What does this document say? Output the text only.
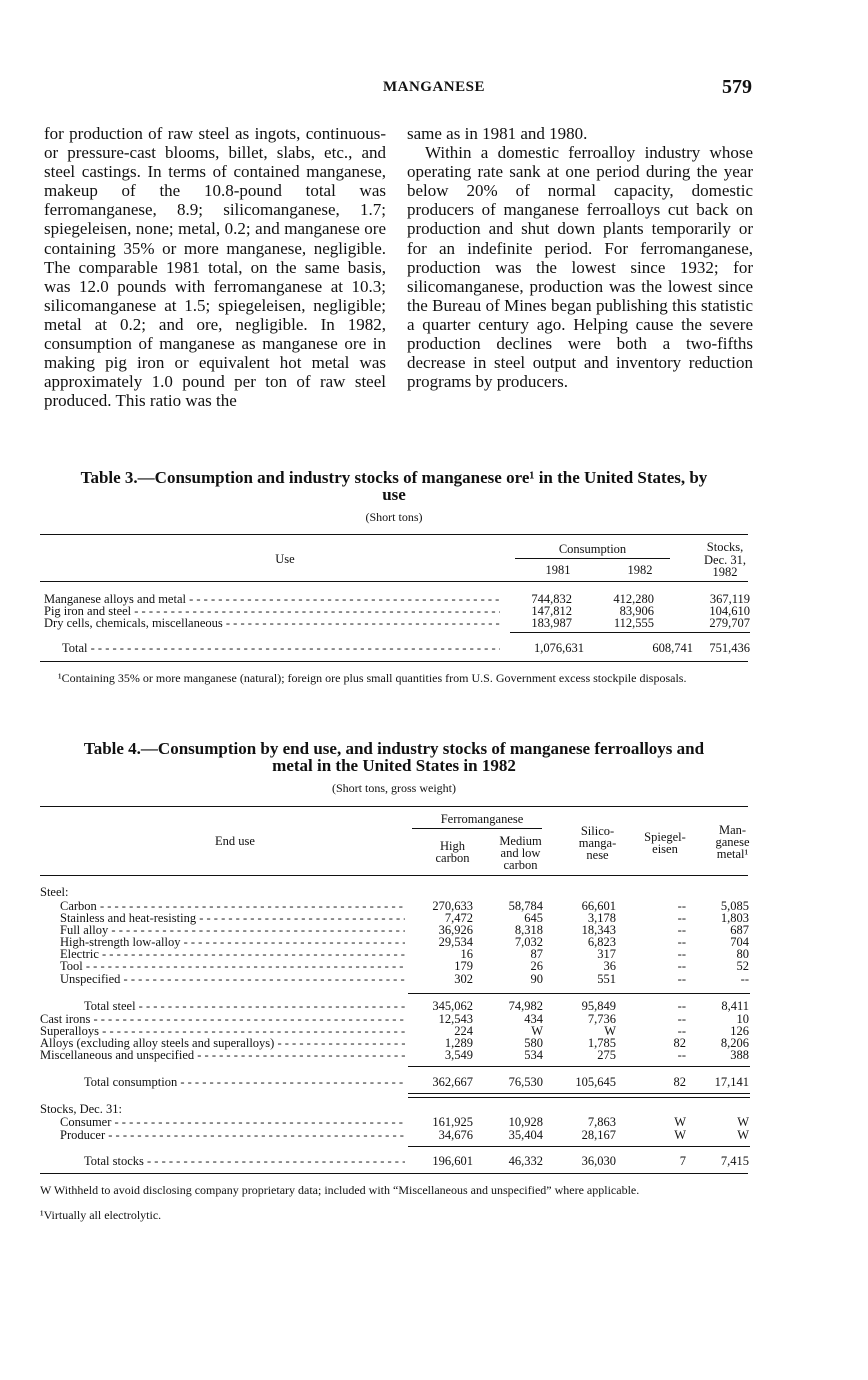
MANGANESE	579

for production of raw steel as ingots, continuous- or pressure-cast blooms, billet, slabs, etc., and steel castings. In terms of contained manganese, makeup of the 10.8-pound total was ferromanganese, 8.9; silicomanganese, 1.7; spiegeleisen, none; metal, 0.2; and manganese ore containing 35% or more manganese, negligible. The comparable 1981 total, on the same basis, was 12.0 pounds with ferromanganese at 10.3; silicomanganese at 1.5; spiegeleisen, negligible; metal at 0.2; and ore, negligible. In 1982, consumption of manganese as manganese ore in making pig iron or equivalent hot metal was approximately 1.0 pound per ton of raw steel produced. This ratio was the

same as in 1981 and 1980.

Within a domestic ferroalloy industry whose operating rate sank at one period during the year below 20% of normal capacity, domestic producers of manganese ferroalloys cut back on production and shut down plants temporarily or for an indefinite period. For ferromanganese, production was the lowest since 1932; for silicomanganese, production was the lowest since the Bureau of Mines began publishing this statistic a quarter century ago. Helping cause the severe production declines were both a two-fifths decrease in steel output and inventory reduction programs by producers.

Table 3.—Consumption and industry stocks of manganese ore¹ in the United States, by
use
(Short tons)
Use
Consumption
1981	1982
Stocks,
Dec. 31,
1982
Manganese alloys and metal - - -	744,832	412,280	367,119
Pig iron and steel - - -	147,812	83,906	104,610
Dry cells, chemicals, miscellaneous - - -	183,987	112,555	279,707
Total - - -	1,076,631	608,741 751,436
¹Containing 35% or more manganese (natural); foreign ore plus small quantities from U.S. Government excess stockpile disposals.
Table 4.—Consumption by end use, and industry stocks of manganese ferroalloys and
metal in the United States in 1982
(Short tons, gross weight)
End use
Ferromanganese
High
carbon
Medium
and low
carbon
Silico-
manga-
nese
Spiegel-
eisen
Man-
ganese
metal¹
Steel:
Carbon - - -	270,633	58,784	66,601	--	5,085
Stainless and heat-resisting - - -	7,472	645	3,178	--	1,803
Full alloy - - -	36,926	8,318	18,343	--	687
High-strength low-alloy - - -	29,534	7,032	6,823	--	704
Electric - - -	16	87	317	--	80
Tool - - -	179	26	36	--	52
Unspecified - - -	302	90	551	--	--
Total steel - - -	345,062	74,982	95,849	--	8,411
Cast irons - - -	12,543	434	7,736	--	10
Superalloys - - -	224	W	W	--	126
Alloys (excluding alloy steels and superalloys) - - -	1,289	580	1,785	82	8,206
Miscellaneous and unspecified - - -	3,549	534	275	--	388
Total consumption - - -	362,667	76,530	105,645	82 17,141
Stocks, Dec. 31:
Consumer - - -	161,925	10,928	7,863	W	W
Producer - - -	34,676	35,404	28,167	W	W
Total stocks - - -	196,601	46,332	36,030	7	7,415
W Withheld to avoid disclosing company proprietary data; included with “Miscellaneous and unspecified” where applicable.
¹Virtually all electrolytic.
